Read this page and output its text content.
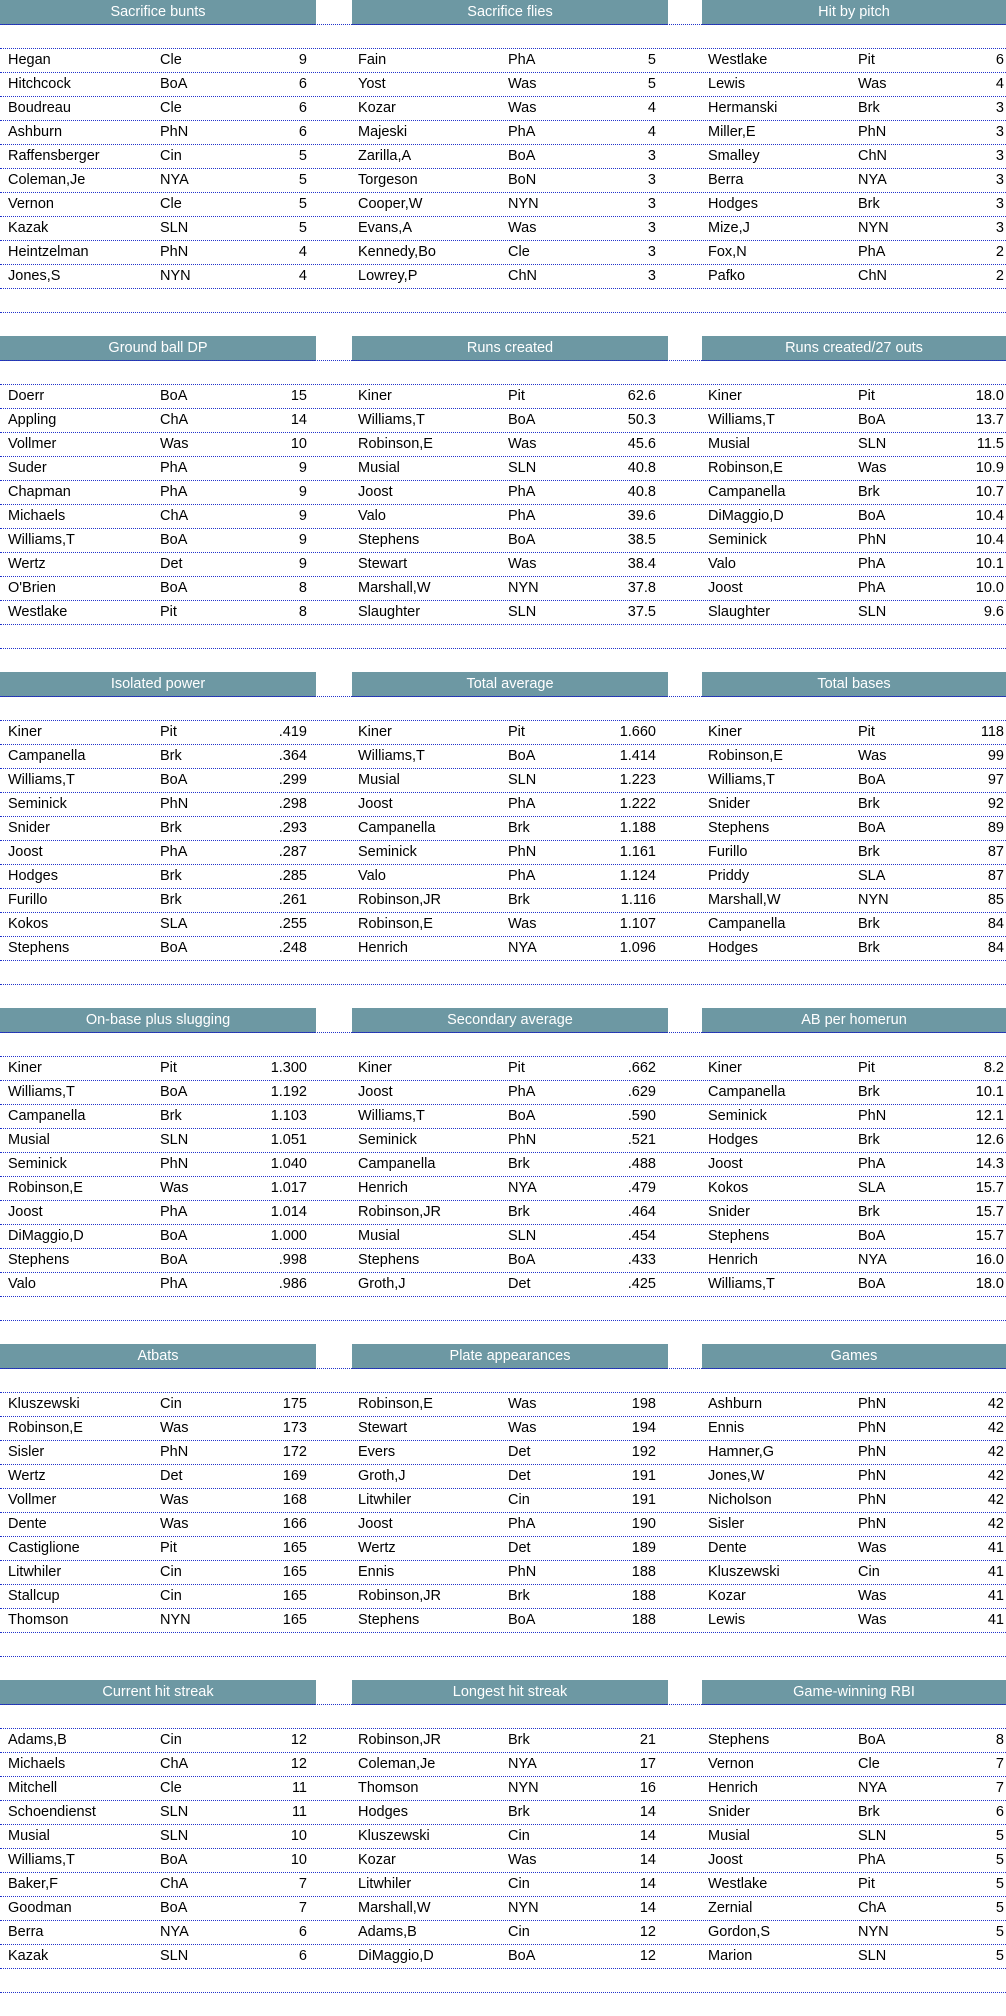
Sacrifice bunts	Sacrifice flies	Hit by pitch
Hegan	Cle	9	Fain	PhA	5	Westlake	Pit	6
Hitchcock	BoA	6	Yost	Was	5	Lewis	Was	4
Boudreau	Cle	6	Kozar	Was	4	Hermanski	Brk	3
Ashburn	PhN	6	Majeski	PhA	4	Miller,E	PhN	3
Raffensberger	Cin	5	Zarilla,A	BoA	3	Smalley	ChN	3
Coleman,Je	NYA	5	Torgeson	BoN	3	Berra	NYA	3
Vernon	Cle	5	Cooper,W	NYN	3	Hodges	Brk	3
Kazak	SLN	5	Evans,A	Was	3	Mize,J	NYN	3
Heintzelman	PhN	4	Kennedy,Bo	Cle	3	Fox,N	PhA	2
Jones,S	NYN	4	Lowrey,P	ChN	3	Pafko	ChN	2
Ground ball DP	Runs created	Runs created/27 outs
Doerr	BoA	15	Kiner	Pit	62.6	Kiner	Pit	18.0
Appling	ChA	14	Williams,T	BoA	50.3	Williams,T	BoA	13.7
Vollmer	Was	10	Robinson,E	Was	45.6	Musial	SLN	11.5
Suder	PhA	9	Musial	SLN	40.8	Robinson,E	Was	10.9
Chapman	PhA	9	Joost	PhA	40.8	Campanella	Brk	10.7
Michaels	ChA	9	Valo	PhA	39.6	DiMaggio,D	BoA	10.4
Williams,T	BoA	9	Stephens	BoA	38.5	Seminick	PhN	10.4
Wertz	Det	9	Stewart	Was	38.4	Valo	PhA	10.1
O'Brien	BoA	8	Marshall,W	NYN	37.8	Joost	PhA	10.0
Westlake	Pit	8	Slaughter	SLN	37.5	Slaughter	SLN	9.6
Isolated power	Total average	Total bases
Kiner	Pit	.419	Kiner	Pit	1.660	Kiner	Pit	118
Campanella	Brk	.364	Williams,T	BoA	1.414	Robinson,E	Was	99
Williams,T	BoA	.299	Musial	SLN	1.223	Williams,T	BoA	97
Seminick	PhN	.298	Joost	PhA	1.222	Snider	Brk	92
Snider	Brk	.293	Campanella	Brk	1.188	Stephens	BoA	89
Joost	PhA	.287	Seminick	PhN	1.161	Furillo	Brk	87
Hodges	Brk	.285	Valo	PhA	1.124	Priddy	SLA	87
Furillo	Brk	.261	Robinson,JR	Brk	1.116	Marshall,W	NYN	85
Kokos	SLA	.255	Robinson,E	Was	1.107	Campanella	Brk	84
Stephens	BoA	.248	Henrich	NYA	1.096	Hodges	Brk	84
On-base plus slugging	Secondary average	AB per homerun
Kiner	Pit	1.300	Kiner	Pit	.662	Kiner	Pit	8.2
Williams,T	BoA	1.192	Joost	PhA	.629	Campanella	Brk	10.1
Campanella	Brk	1.103	Williams,T	BoA	.590	Seminick	PhN	12.1
Musial	SLN	1.051	Seminick	PhN	.521	Hodges	Brk	12.6
Seminick	PhN	1.040	Campanella	Brk	.488	Joost	PhA	14.3
Robinson,E	Was	1.017	Henrich	NYA	.479	Kokos	SLA	15.7
Joost	PhA	1.014	Robinson,JR	Brk	.464	Snider	Brk	15.7
DiMaggio,D	BoA	1.000	Musial	SLN	.454	Stephens	BoA	15.7
Stephens	BoA	.998	Stephens	BoA	.433	Henrich	NYA	16.0
Valo	PhA	.986	Groth,J	Det	.425	Williams,T	BoA	18.0
Atbats	Plate appearances	Games
Kluszewski	Cin	175	Robinson,E	Was	198	Ashburn	PhN	42
Robinson,E	Was	173	Stewart	Was	194	Ennis	PhN	42
Sisler	PhN	172	Evers	Det	192	Hamner,G	PhN	42
Wertz	Det	169	Groth,J	Det	191	Jones,W	PhN	42
Vollmer	Was	168	Litwhiler	Cin	191	Nicholson	PhN	42
Dente	Was	166	Joost	PhA	190	Sisler	PhN	42
Castiglione	Pit	165	Wertz	Det	189	Dente	Was	41
Litwhiler	Cin	165	Ennis	PhN	188	Kluszewski	Cin	41
Stallcup	Cin	165	Robinson,JR	Brk	188	Kozar	Was	41
Thomson	NYN	165	Stephens	BoA	188	Lewis	Was	41
Current hit streak	Longest hit streak	Game-winning RBI
Adams,B	Cin	12	Robinson,JR	Brk	21	Stephens	BoA	8
Michaels	ChA	12	Coleman,Je	NYA	17	Vernon	Cle	7
Mitchell	Cle	11	Thomson	NYN	16	Henrich	NYA	7
Schoendienst	SLN	11	Hodges	Brk	14	Snider	Brk	6
Musial	SLN	10	Kluszewski	Cin	14	Musial	SLN	5
Williams,T	BoA	10	Kozar	Was	14	Joost	PhA	5
Baker,F	ChA	7	Litwhiler	Cin	14	Westlake	Pit	5
Goodman	BoA	7	Marshall,W	NYN	14	Zernial	ChA	5
Berra	NYA	6	Adams,B	Cin	12	Gordon,S	NYN	5
Kazak	SLN	6	DiMaggio,D	BoA	12	Marion	SLN	5
